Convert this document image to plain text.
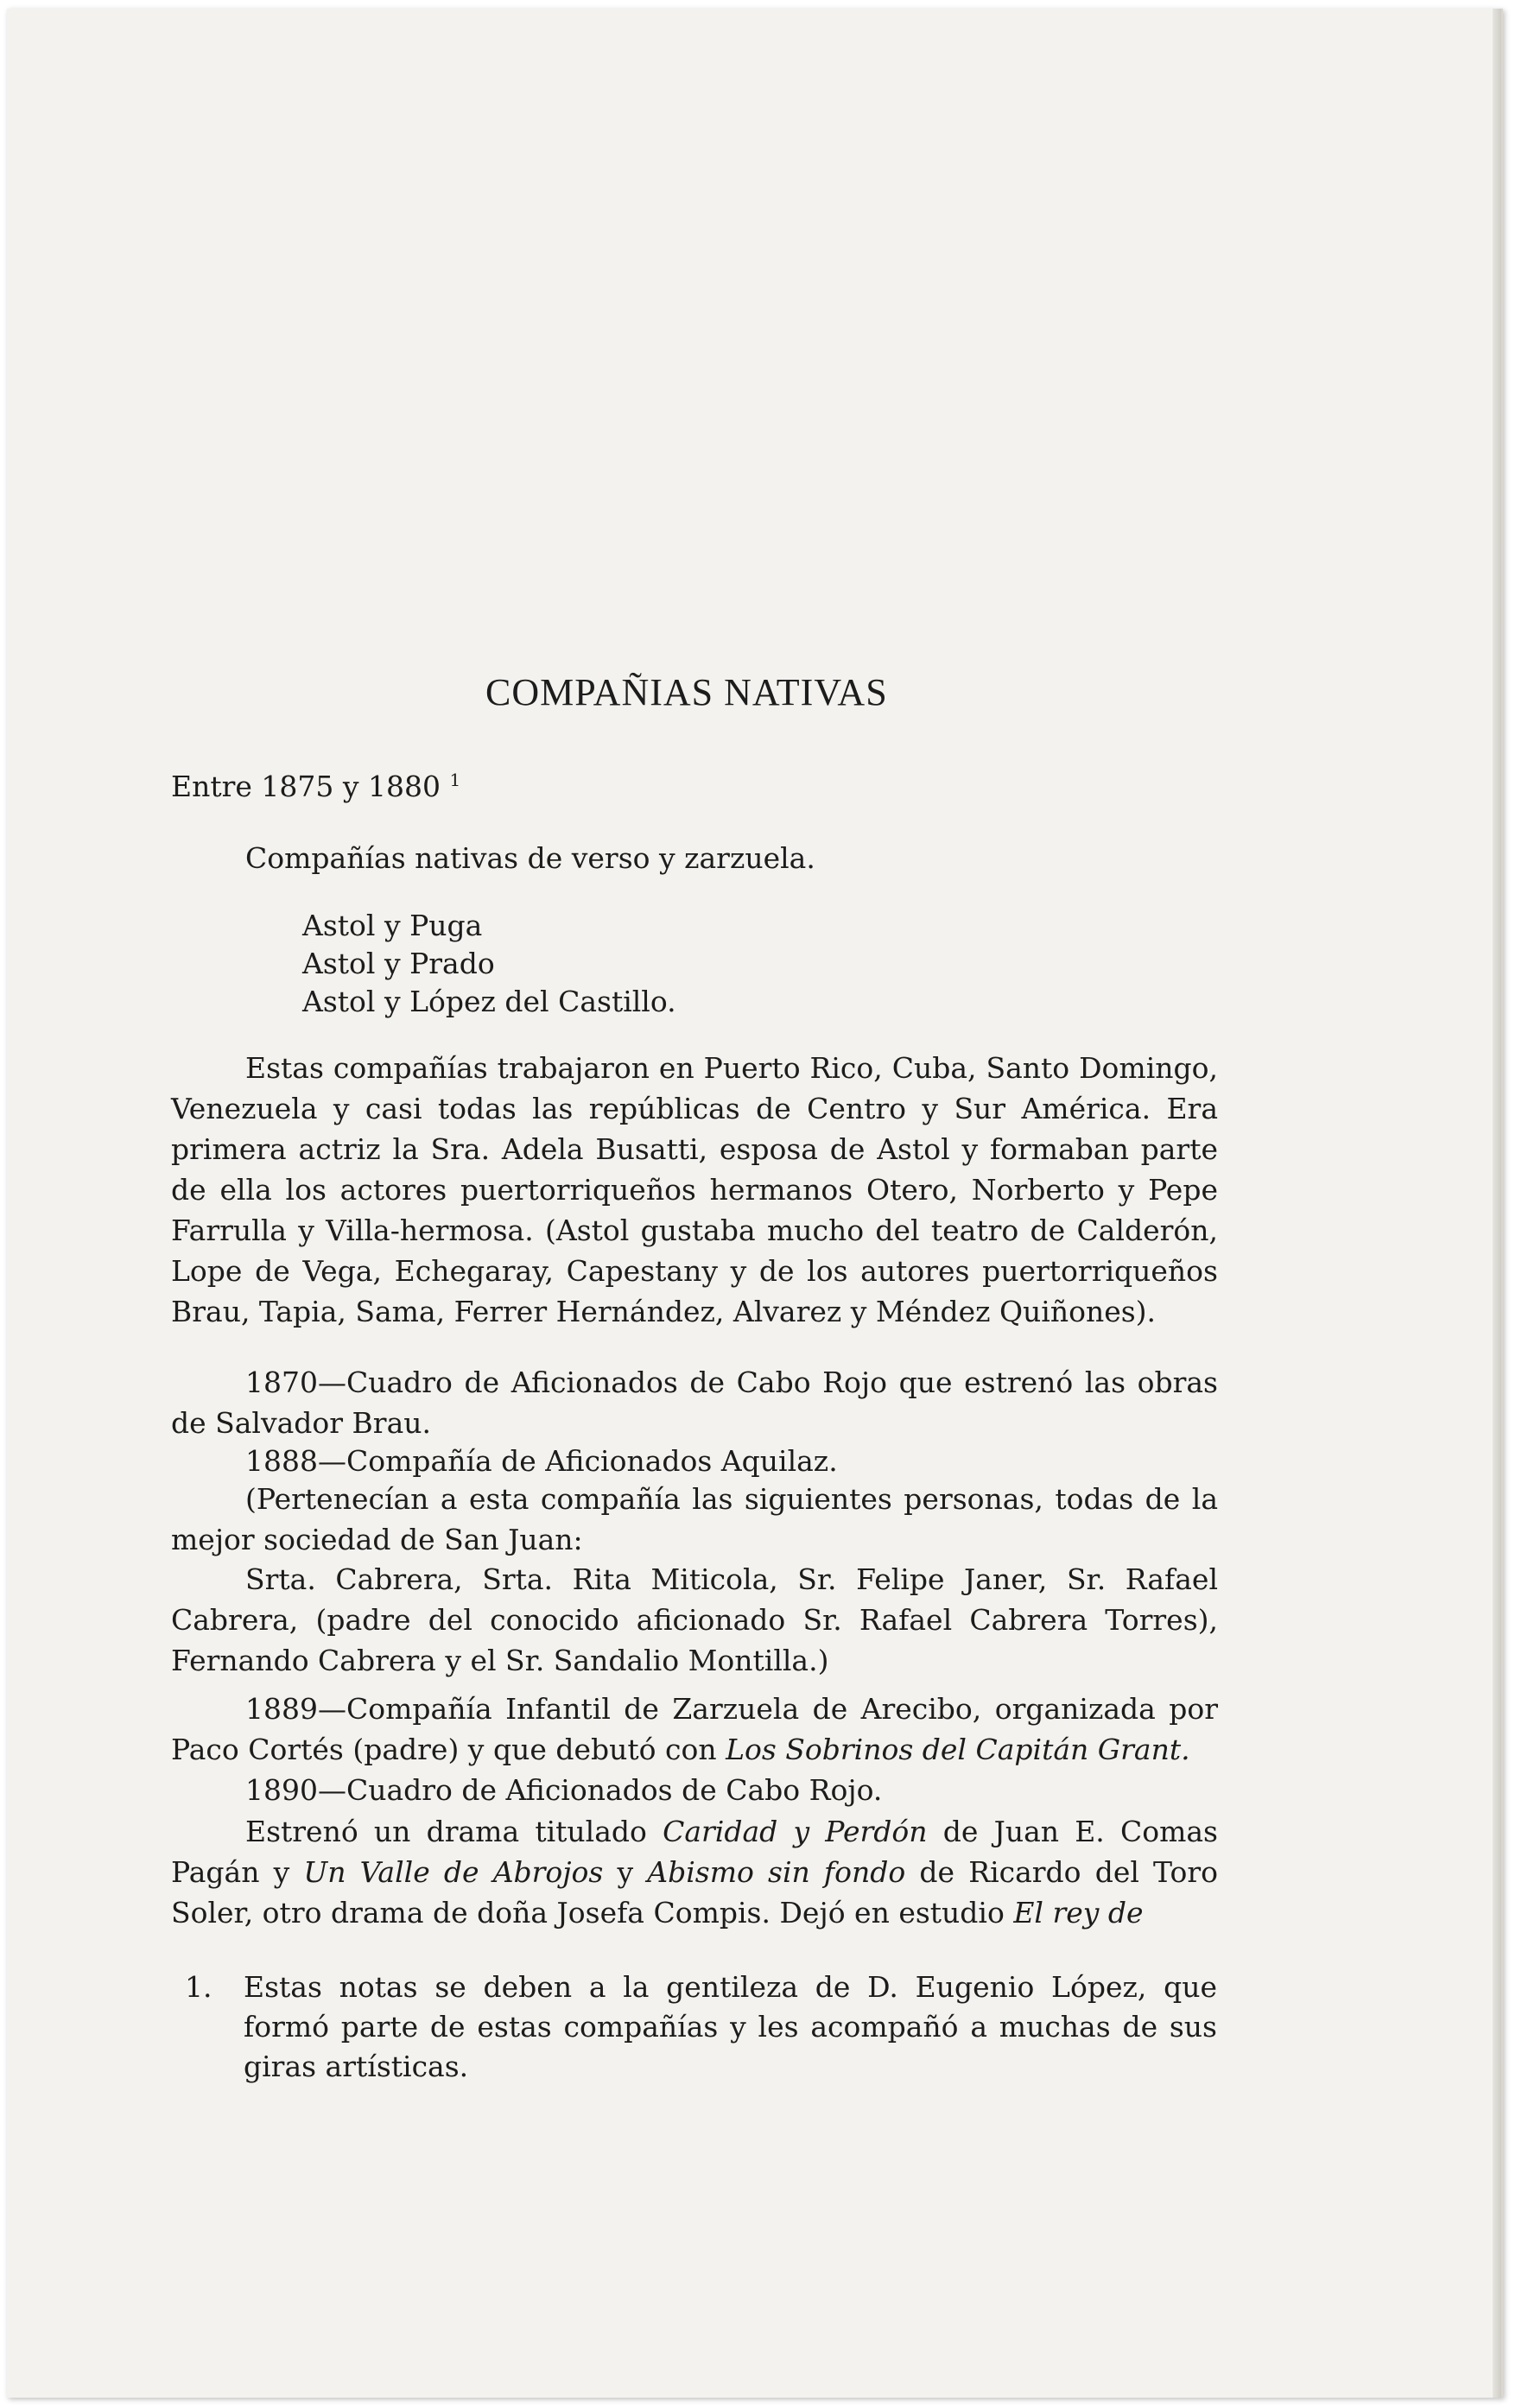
COMPAÑIAS NATIVAS
Entre 1875 y 1880 $^1$
Compañías nativas de verso y zarzuela.
Astol y Puga
Astol y Prado
Astol y López del Castillo.
Estas compañías trabajaron en Puerto Rico, Cuba, Santo Domingo, Venezuela y casi todas las repúblicas de Centro y Sur América. Era primera actriz la Sra. Adela Busatti, esposa de Astol y formaban parte de ella los actores puertorriqueños hermanos Otero, Norberto y Pepe Farrulla y Villa-hermosa. (Astol gustaba mucho del teatro de Calderón, Lope de Vega, Echegaray, Capestany y de los autores puertorriqueños Brau, Tapia, Sama, Ferrer Hernández, Alvarez y Méndez Quiñones).
1870—Cuadro de Aficionados de Cabo Rojo que estrenó las obras de Salvador Brau.
1888—Compañía de Aficionados Aquilaz.
(Pertenecían a esta compañía las siguientes personas, todas de la mejor sociedad de San Juan:
Srta. Cabrera, Srta. Rita Miticola, Sr. Felipe Janer, Sr. Rafael Cabrera, (padre del conocido aficionado Sr. Rafael Cabrera Torres), Fernando Cabrera y el Sr. Sandalio Montilla.)
1889—Compañía Infantil de Zarzuela de Arecibo, organizada por Paco Cortés (padre) y que debutó con Los Sobrinos del Capitán Grant.
1890—Cuadro de Aficionados de Cabo Rojo.
Estrenó un drama titulado Caridad y Perdón de Juan E. Comas Pagán y Un Valle de Abrojos y Abismo sin fondo de Ricardo del Toro Soler, otro drama de doña Josefa Compis. Dejó en estudio El rey de
1. Estas notas se deben a la gentileza de D. Eugenio López, que formó parte de estas compañías y les acompañó a muchas de sus giras artísticas.
